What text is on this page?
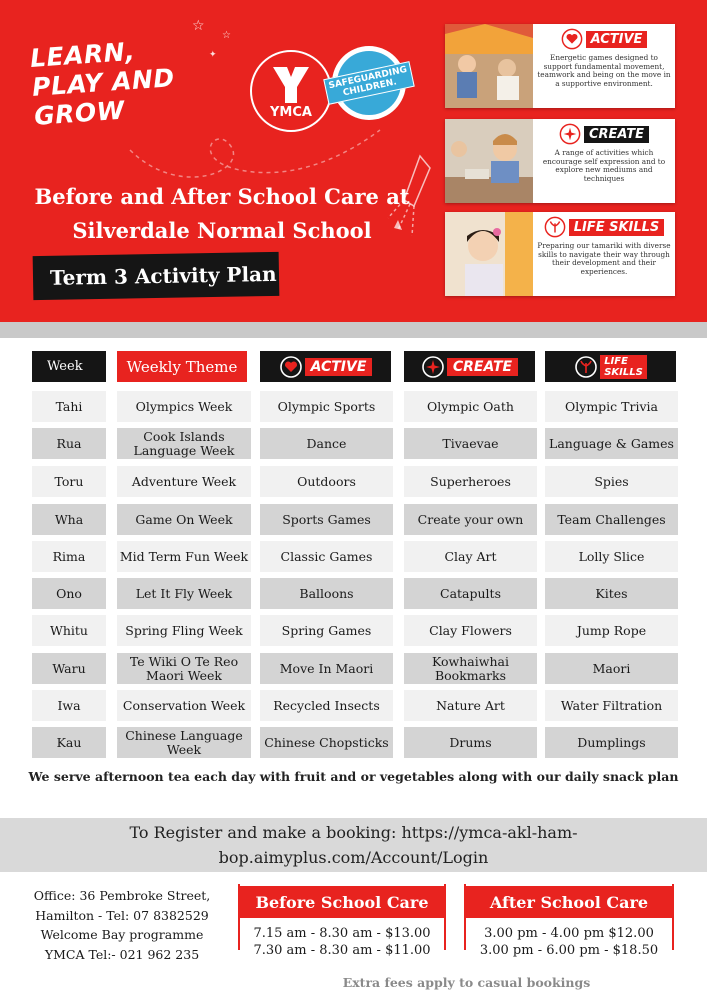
LEARN,
PLAY AND
GROW
☆
☆
✦
YMCA
SAFEGUARDING CHILDREN.
Before and After School Care at
Silverdale Normal School
Term 3 Activity Plan
ACTIVE
Energetic games designed to support fundamental movement, teamwork and being on the move in a supportive environment.
CREATE
A range of activities which encourage self expression and to explore new mediums and techniques
LIFE SKILLS
Preparing our tamariki with diverse skills to navigate their way through their development and their experiences.
Week	Weekly Theme	ACTIVE	CREATE	LIFE
SKILLS
Tahi	Olympics Week	Olympic Sports	Olympic Oath	Olympic Trivia
Rua	Cook Islands Language Week	Dance	Tivaevae	Language & Games
Toru	Adventure Week	Outdoors	Superheroes	Spies
Wha	Game On Week	Sports Games	Create your own	Team Challenges
Rima	Mid Term Fun Week	Classic Games	Clay Art	Lolly Slice
Ono	Let It Fly Week	Balloons	Catapults	Kites
Whitu	Spring Fling Week	Spring Games	Clay Flowers	Jump Rope
Waru	Te Wiki O Te Reo Maori Week	Move In Maori	Kowhaiwhai Bookmarks	Maori
Iwa	Conservation Week	Recycled Insects	Nature Art	Water Filtration
Kau	Chinese Language Week	Chinese Chopsticks	Drums	Dumplings
We serve afternoon tea each day with fruit and or vegetables along with our daily snack plan
To Register and make a booking: https://ymca-akl-ham-
bop.aimyplus.com/Account/Login
Office: 36 Pembroke Street,
Hamilton - Tel: 07 8382529
Welcome Bay programme
YMCA Tel:- 021 962 235
Before School Care
7.15 am - 8.30 am - $13.00
7.30 am - 8.30 am - $11.00
After School Care
3.00 pm - 4.00 pm $12.00
3.00 pm - 6.00 pm - $18.50
Extra fees apply to casual bookings
